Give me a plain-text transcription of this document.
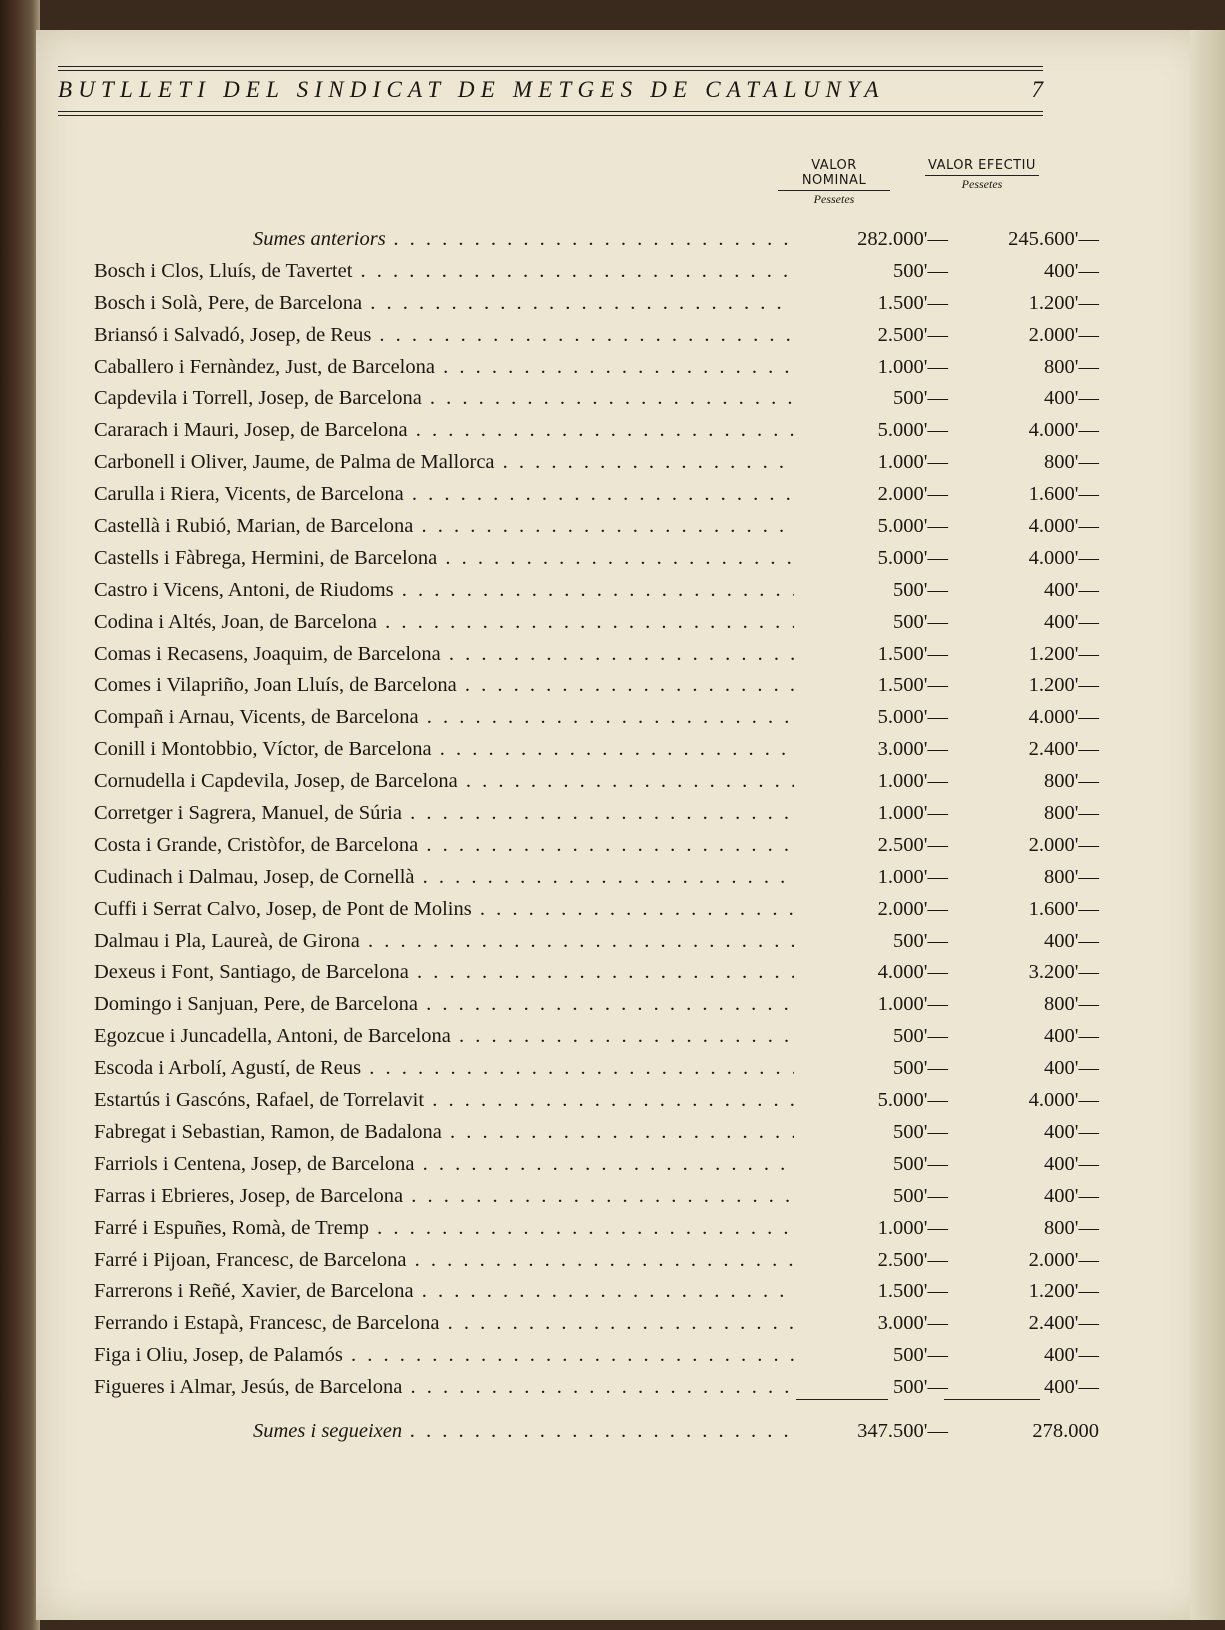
BUTLLETI DEL SINDICAT DE METGES DE CATALUNYA	7
VALOR NOMINAL
Pessetes
VALOR EFECTIU
Pessetes
Sumes anteriors . . .	282.000'—	245.600'—
Bosch i Clos, Lluís, de Tavertet . . .	500'—	400'—
Bosch i Solà, Pere, de Barcelona . . .	1.500'—	1.200'—
Briansó i Salvadó, Josep, de Reus . . .	2.500'—	2.000'—
Caballero i Fernàndez, Just, de Barcelona . . .	1.000'—	800'—
Capdevila i Torrell, Josep, de Barcelona . . .	500'—	400'—
Cararach i Mauri, Josep, de Barcelona . . .	5.000'—	4.000'—
Carbonell i Oliver, Jaume, de Palma de Mallorca . . .	1.000'—	800'—
Carulla i Riera, Vicents, de Barcelona . . .	2.000'—	1.600'—
Castellà i Rubió, Marian, de Barcelona . . .	5.000'—	4.000'—
Castells i Fàbrega, Hermini, de Barcelona . . .	5.000'—	4.000'—
Castro i Vicens, Antoni, de Riudoms . . .	500'—	400'—
Codina i Altés, Joan, de Barcelona . . .	500'—	400'—
Comas i Recasens, Joaquim, de Barcelona . . .	1.500'—	1.200'—
Comes i Vilapriño, Joan Lluís, de Barcelona . . .	1.500'—	1.200'—
Compañ i Arnau, Vicents, de Barcelona . . .	5.000'—	4.000'—
Conill i Montobbio, Víctor, de Barcelona . . .	3.000'—	2.400'—
Cornudella i Capdevila, Josep, de Barcelona . . .	1.000'—	800'—
Corretger i Sagrera, Manuel, de Súria . . .	1.000'—	800'—
Costa i Grande, Cristòfor, de Barcelona . . .	2.500'—	2.000'—
Cudinach i Dalmau, Josep, de Cornellà . . .	1.000'—	800'—
Cuffi i Serrat Calvo, Josep, de Pont de Molins . . .	2.000'—	1.600'—
Dalmau i Pla, Laureà, de Girona . . .	500'—	400'—
Dexeus i Font, Santiago, de Barcelona . . .	4.000'—	3.200'—
Domingo i Sanjuan, Pere, de Barcelona . . .	1.000'—	800'—
Egozcue i Juncadella, Antoni, de Barcelona . . .	500'—	400'—
Escoda i Arbolí, Agustí, de Reus . . .	500'—	400'—
Estartús i Gascóns, Rafael, de Torrelavit . . .	5.000'—	4.000'—
Fabregat i Sebastian, Ramon, de Badalona . . .	500'—	400'—
Farriols i Centena, Josep, de Barcelona . . .	500'—	400'—
Farras i Ebrieres, Josep, de Barcelona . . .	500'—	400'—
Farré i Espuñes, Romà, de Tremp . . .	1.000'—	800'—
Farré i Pijoan, Francesc, de Barcelona . . .	2.500'—	2.000'—
Farrerons i Reñé, Xavier, de Barcelona . . .	1.500'—	1.200'—
Ferrando i Estapà, Francesc, de Barcelona . . .	3.000'—	2.400'—
Figa i Oliu, Josep, de Palamós . . .	500'—	400'—
Figueres i Almar, Jesús, de Barcelona . . .	500'—	400'—
Sumes i segueixen . . .	347.500'—	278.000
